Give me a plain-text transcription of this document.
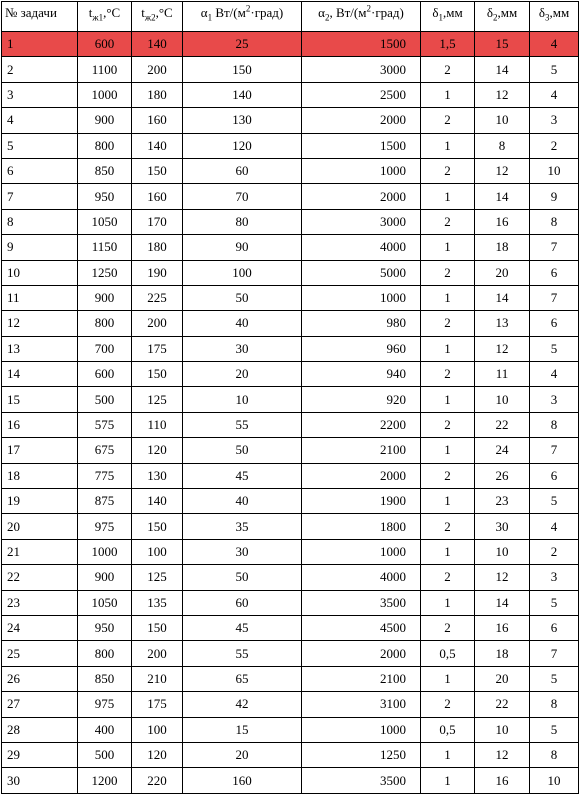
№ задачи	$t_{ж1},^\circ С$	$t_{ж2},^\circ С$	$\alpha_1$ $Вт/(м^2\cdot град)$	$\alpha_2$, $Вт/(м^2\cdot град)$	$\delta_1,мм$	$\delta_2,мм$	$\delta_3,мм$
1	600	140	25	1500	1,5	15	4
2	1100	200	150	3000	2	14	5
3	1000	180	140	2500	1	12	4
4	900	160	130	2000	2	10	3
5	800	140	120	1500	1	8	2
6	850	150	60	1000	2	12	10
7	950	160	70	2000	1	14	9
8	1050	170	80	3000	2	16	8
9	1150	180	90	4000	1	18	7
10	1250	190	100	5000	2	20	6
11	900	225	50	1000	1	14	7
12	800	200	40	980	2	13	6
13	700	175	30	960	1	12	5
14	600	150	20	940	2	11	4
15	500	125	10	920	1	10	3
16	575	110	55	2200	2	22	8
17	675	120	50	2100	1	24	7
18	775	130	45	2000	2	26	6
19	875	140	40	1900	1	23	5
20	975	150	35	1800	2	30	4
21	1000	100	30	1000	1	10	2
22	900	125	50	4000	2	12	3
23	1050	135	60	3500	1	14	5
24	950	150	45	4500	2	16	6
25	800	200	55	2000	0,5	18	7
26	850	210	65	2100	1	20	5
27	975	175	42	3100	2	22	8
28	400	100	15	1000	0,5	10	5
29	500	120	20	1250	1	12	8
30	1200	220	160	3500	1	16	10
